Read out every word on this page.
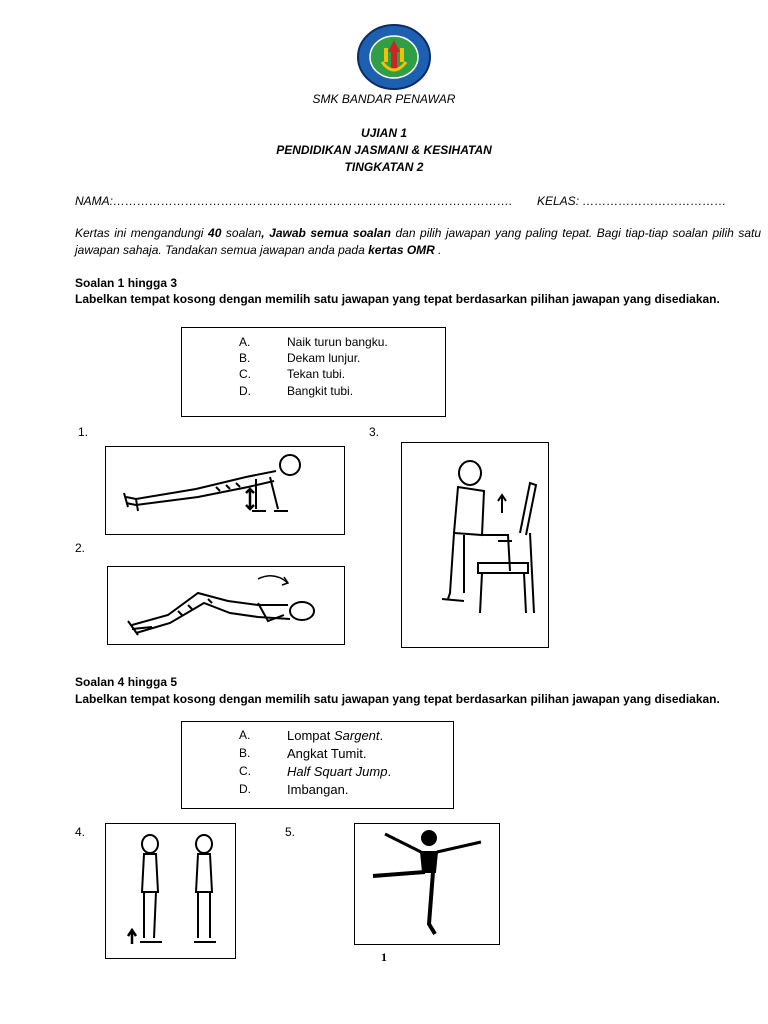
SMK BANDAR PENAWAR
UJIAN 1
PENDIDIKAN JASMANI & KESIHATAN
TINGKATAN 2
NAMA:………………………………………………………………………………………. KELAS: ………………………………
Kertas ini mengandungi 40 soalan, Jawab semua soalan dan pilih jawapan yang paling tepat. Bagi tiap-tiap soalan pilih satu jawapan sahaja. Tandakan semua jawapan anda pada kertas OMR .
Soalan 1 hingga 3
Labelkan tempat kosong dengan memilih satu jawapan yang tepat berdasarkan pilihan jawapan yang disediakan.
A.	Naik turun bangku.
B.	Dekam lunjur.
C.	Tekan tubi.
D.	Bangkit tubi.
1.	3.
2.
Soalan 4 hingga 5
Labelkan tempat kosong dengan memilih satu jawapan yang tepat berdasarkan pilihan jawapan yang disediakan.
A.	Lompat Sargent.
B.	Angkat Tumit.
C.	Half Squart Jump.
D.	Imbangan.
4.	5.
1
